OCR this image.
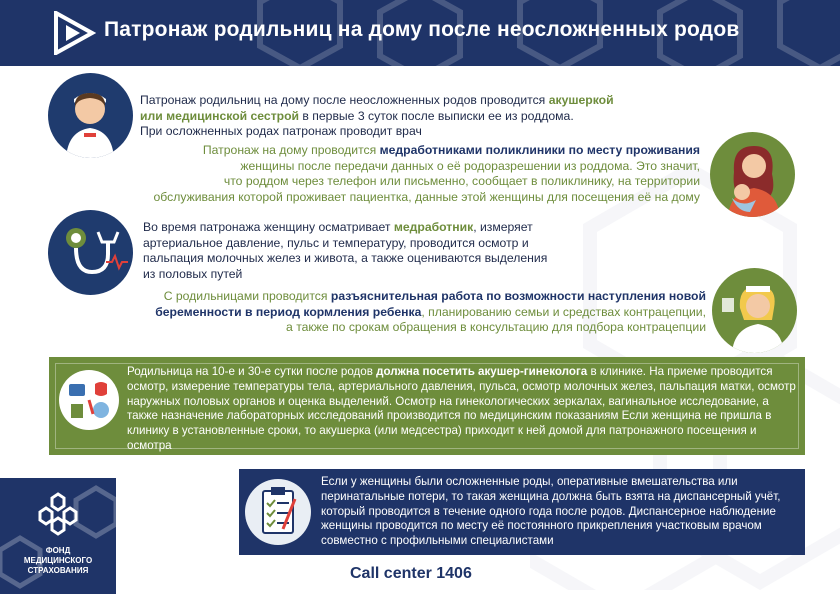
Патронаж родильниц на дому после неосложненных родов
Патронаж родильниц на дому после неосложненных родов проводится акушеркой
или медицинской сестрой в первые 3 суток после выписки ее из роддома.
При осложненных родах патронаж проводит врач
Патронаж на дому проводится медработниками поликлиники по месту проживания
женщины после передачи данных о её родоразрешении из роддома. Это значит,
что роддом через телефон или письменно, сообщает в поликлинику, на территории
обслуживания которой проживает пациентка, данные этой женщины для посещения её на дому
Во время патронажа женщину осматривает медработник, измеряет
артериальное давление, пульс и температуру, проводится осмотр и
пальпация молочных желез и живота, а также оцениваются выделения
из половых путей
С родильницами проводится разъяснительная работа по возможности наступления новой
беременности в период кормления ребенка, планированию семьи и средствах контрацепции,
а также по срокам обращения в консультацию для подбора контрацепции
Родильница на 10-е и 30-е сутки после родов должна посетить акушер-гинеколога в клинике. На приеме проводится осмотр, измерение температуры тела, артериального давления, пульса, осмотр молочных желез, пальпация матки, осмотр наружных половых органов и оценка выделений. Осмотр на гинекологических зеркалах, вагинальное исследование, а также назначение лабораторных исследований производится по медицинским показаниям Если женщина не пришла в клинику в установленные сроки, то акушерка (или медсестра) приходит к ней домой для патронажного посещения и осмотра
Если у женщины были осложненные роды, оперативные вмешательства или перинатальные потери, то такая женщина должна быть взята на диспансерный учёт, который проводится в течение одного года после родов. Диспансерное наблюдение женщины проводится по месту её постоянного прикрепления участковым врачом совместно с профильными специалистами
ФОНД
МЕДИЦИНСКОГО
СТРАХОВАНИЯ	Call center 1406
